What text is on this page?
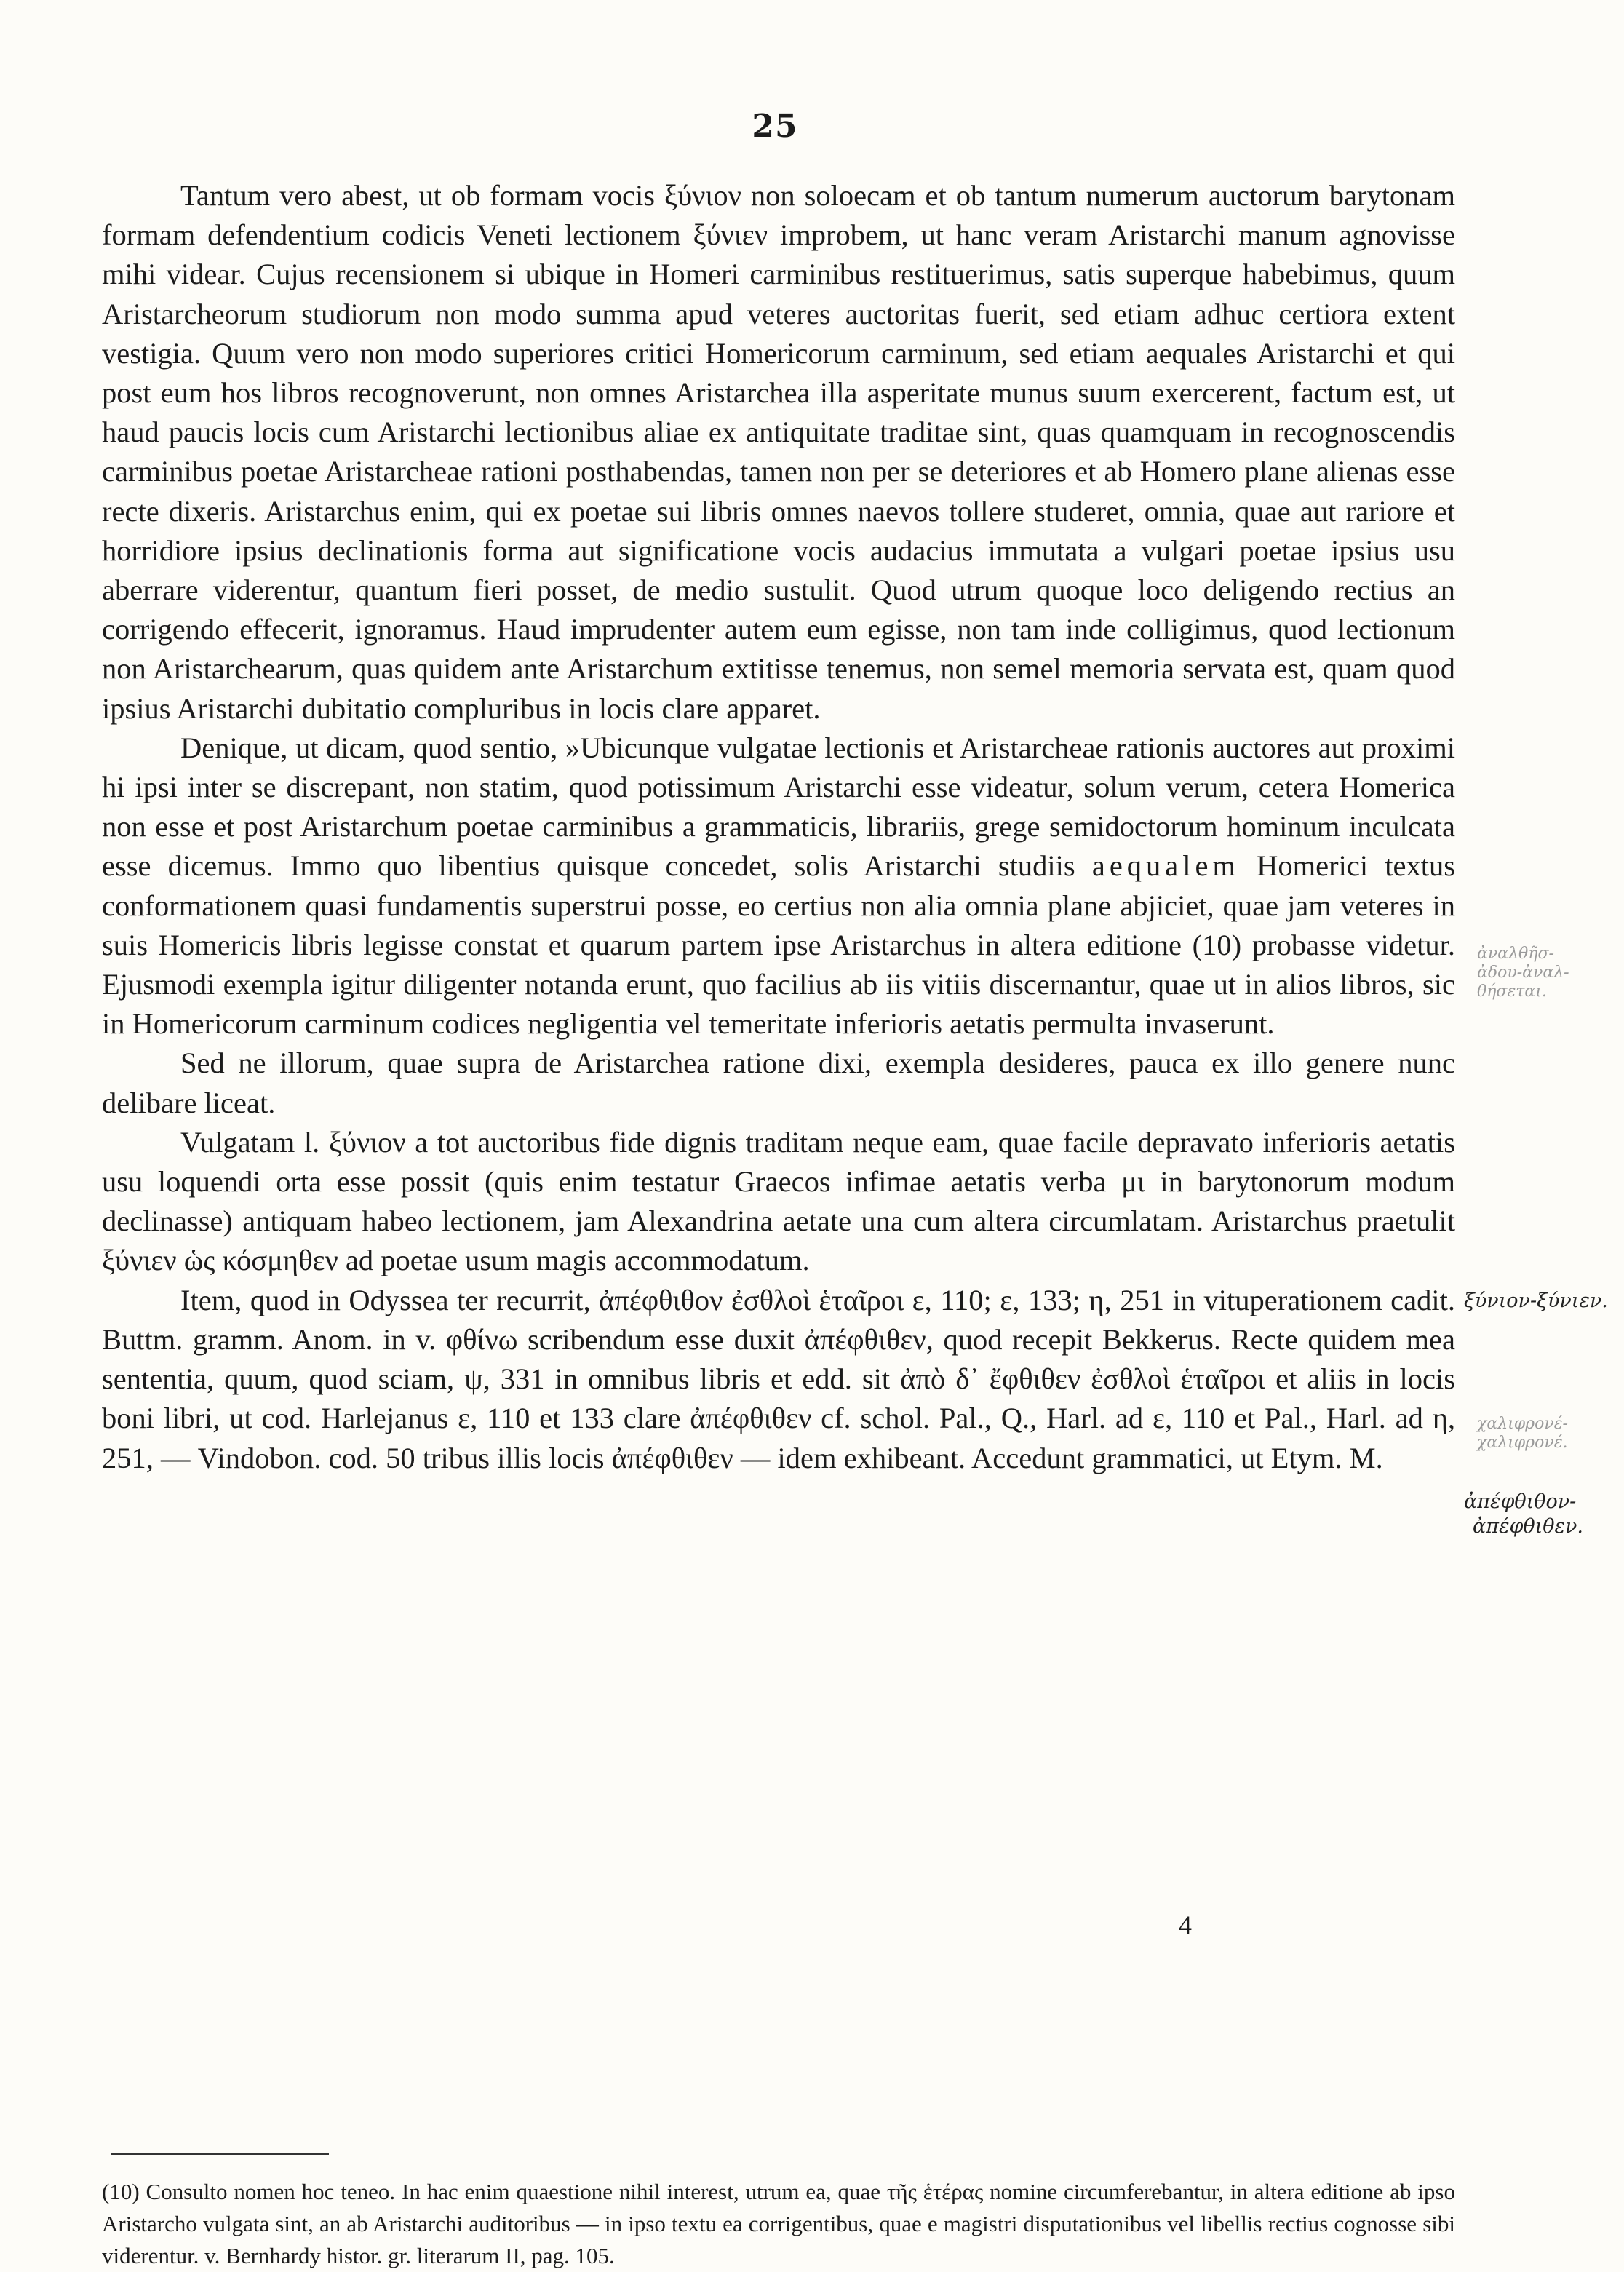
25

Tantum vero abest, ut ob formam vocis ξύνιον non soloecam et ob tantum numerum auctorum barytonam formam defendentium codicis Veneti lectionem ξύνιεν improbem, ut hanc veram Aristarchi manum agnovisse mihi videar. Cujus recensionem si ubique in Homeri carminibus restituerimus, satis superque habebimus, quum Aristarcheorum studiorum non modo summa apud veteres auctoritas fuerit, sed etiam adhuc certiora extent vestigia. Quum vero non modo superiores critici Homericorum carminum, sed etiam aequales Aristarchi et qui post eum hos libros recognoverunt, non omnes Aristarchea illa asperitate munus suum exercerent, factum est, ut haud paucis locis cum Aristarchi lectionibus aliae ex antiquitate traditae sint, quas quamquam in recognoscendis carminibus poetae Aristarcheae rationi posthabendas, tamen non per se deteriores et ab Homero plane alienas esse recte dixeris. Aristarchus enim, qui ex poetae sui libris omnes naevos tollere studeret, omnia, quae aut rariore et horridiore ipsius declinationis forma aut significatione vocis audacius immutata a vulgari poetae ipsius usu aberrare viderentur, quantum fieri posset, de medio sustulit. Quod utrum quoque loco deligendo rectius an corrigendo effecerit, ignoramus. Haud imprudenter autem eum egisse, non tam inde colligimus, quod lectionum non Aristarchearum, quas quidem ante Aristarchum extitisse tenemus, non semel memoria servata est, quam quod ipsius Aristarchi dubitatio compluribus in locis clare apparet.

Denique, ut dicam, quod sentio, »Ubicunque vulgatae lectionis et Aristarcheae rationis auctores aut proximi hi ipsi inter se discrepant, non statim, quod potissimum Aristarchi esse videatur, solum verum, cetera Homerica non esse et post Aristarchum poetae carminibus a grammaticis, librariis, grege semidoctorum hominum inculcata esse dicemus. Immo quo libentius quisque concedet, solis Aristarchi studiis aequalem Homerici textus conformationem quasi fundamentis superstrui posse, eo certius non alia omnia plane abjiciet, quae jam veteres in suis Homericis libris legisse constat et quarum partem ipse Aristarchus in altera editione (10) probasse videtur. Ejusmodi exempla igitur diligenter notanda erunt, quo facilius ab iis vitiis discernantur, quae ut in alios libros, sic in Homericorum carminum codices negligentia vel temeritate inferioris aetatis permulta invaserunt.

Sed ne illorum, quae supra de Aristarchea ratione dixi, exempla desideres, pauca ex illo genere nunc delibare liceat.

Vulgatam l. ξύνιον a tot auctoribus fide dignis traditam neque eam, quae facile depravato inferioris aetatis usu loquendi orta esse possit (quis enim testatur Graecos infimae aetatis verba μι in barytonorum modum declinasse) antiquam habeo lectionem, jam Alexandrina aetate una cum altera circumlatam. Aristarchus praetulit ξύνιεν ὡς κόσμηθεν ad poetae usum magis accommodatum.

Item, quod in Odyssea ter recurrit, ἀπέφθιθον ἐσθλοὶ ἑταῖροι ε, 110; ε, 133; η, 251 in vituperationem cadit. Buttm. gramm. Anom. in v. φθίνω scribendum esse duxit ἀπέφθιθεν, quod recepit Bekkerus. Recte quidem mea sententia, quum, quod sciam, ψ, 331 in omnibus libris et edd. sit ἀπὸ δ᾽ ἔφθιθεν ἐσθλοὶ ἑταῖροι et aliis in locis boni libri, ut cod. Harlejanus ε, 110 et 133 clare ἀπέφθιθεν cf. schol. Pal., Q., Harl. ad ε, 110 et Pal., Harl. ad η, 251, — Vindobon. cod. 50 tribus illis locis ἀπέφθιθεν — idem exhibeant. Accedunt grammatici, ut Etym. M.

ἀναλθῆσ-
ἀδου-ἀναλ-
θήσεται.
ξύνιον-ξύνιεν.
χαλιφρονέ-
χαλιφρονέ.
ἀπέφθιθον-
ἀπέφθιθεν.
(10) Consulto nomen hoc teneo. In hac enim quaestione nihil interest, utrum ea, quae τῆς ἑτέρας nomine circumferebantur, in altera editione ab ipso Aristarcho vulgata sint, an ab Aristarchi auditoribus — in ipso textu ea corrigentibus, quae e magistri disputationibus vel libellis rectius cognosse sibi viderentur. v. Bernhardy histor. gr. literarum II, pag. 105.
4
